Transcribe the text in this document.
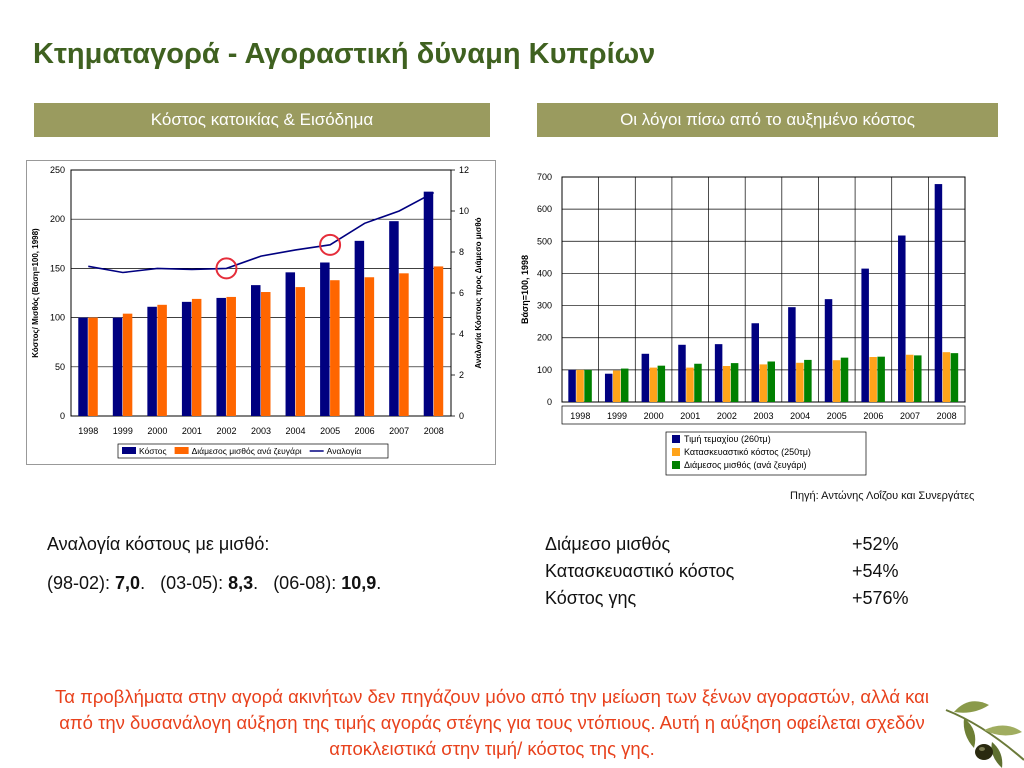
Κτηματαγορά - Αγοραστική δύναμη Κυπρίων
Κόστος κατοικίας & Εισόδημα	Οι λόγοι πίσω από το αυξημένο κόστος
0
50
100
150
200
250
0
2
4
6
8
10
12
1998 1999 2000 2001 2002 2003 2004 2005 2006 2007 2008
Κόστος/ Μισθός (Βάση=100, 1998)	Αναλογία Κόστους προς Διάμεσο μισθό
Κόστος	Διάμεσος μισθός ανά ζευγάρι	Αναλογία
0
100
200
300
400
500
600
700
1998 1999 2000 2001 2002 2003 2004 2005 2006 2007 2008
Βάση=100, 1998
Τιμή τεμαχίου (260τμ)
Κατασκευαστικό κόστος (250τμ)
Διάμεσος μισθός (ανά ζευγάρι)
Πηγή: Αντώνης Λοΐζου και Συνεργάτες
Αναλογία κόστους με μισθό:
(98-02): 7,0. (03-05): 8,3. (06-08): 10,9.
Διάμεσο μισθός	+52%
Κατασκευαστικό κόστος	+54%
Κόστος γης	+576%
Τα προβλήματα στην αγορά ακινήτων δεν πηγάζουν μόνο από την μείωση των ξένων αγοραστών, αλλά και από την δυσανάλογη αύξηση της τιμής αγοράς στέγης για τους ντόπιους. Αυτή η αύξηση οφείλεται σχεδόν αποκλειστικά στην τιμή/ κόστος της γης.
